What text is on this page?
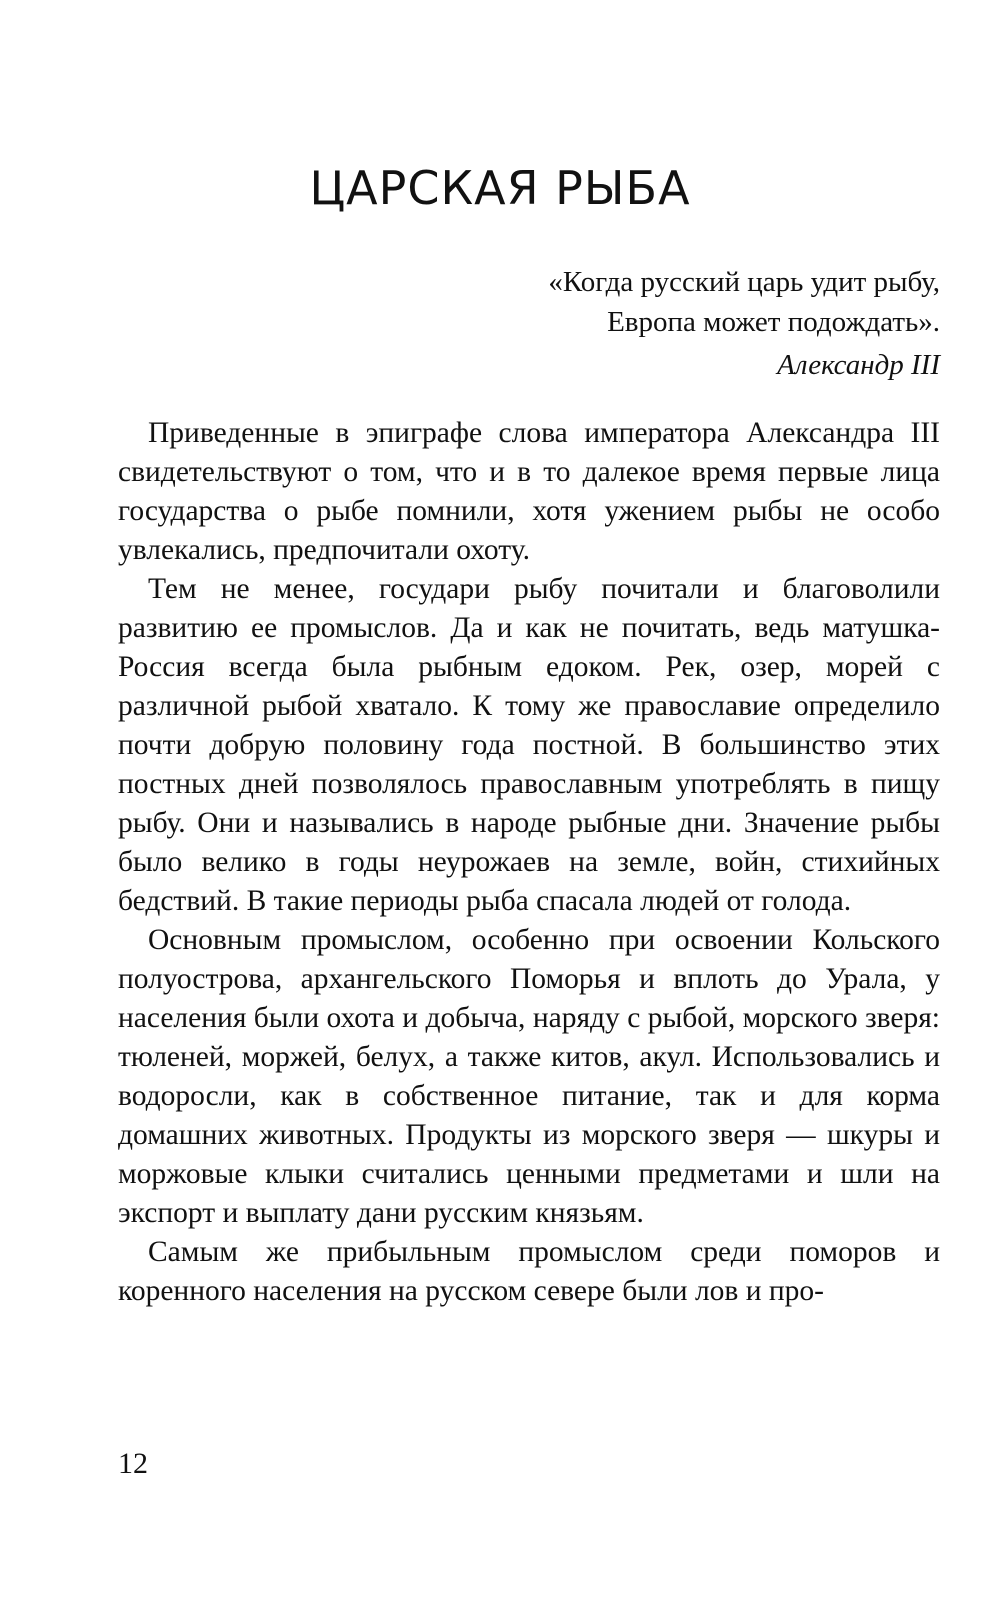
ЦАРСКАЯ РЫБА
«Когда русский царь удит рыбу,
Европа может подождать».
Александр III

Приведенные в эпиграфе слова императора Александра III свидетельствуют о том, что и в то далекое время первые лица государства о рыбе помнили, хотя ужением рыбы не особо увлекались, предпочитали охоту.

Тем не менее, государи рыбу почитали и благоволили развитию ее промыслов. Да и как не почитать, ведь матушка-Россия всегда была рыбным едоком. Рек, озер, морей с различной рыбой хватало. К тому же православие определило почти добрую половину года постной. В большинство этих постных дней позволялось православным употреблять в пищу рыбу. Они и назывались в народе рыбные дни. Значение рыбы было велико в годы неурожаев на земле, войн, стихийных бедствий. В такие периоды рыба спасала людей от голода.

Основным промыслом, особенно при освоении Кольского полуострова, архангельского Поморья и вплоть до Урала, у населения были охота и добыча, наряду с рыбой, морского зверя: тюленей, моржей, белух, а также китов, акул. Использовались и водоросли, как в собственное питание, так и для корма домашних животных. Продукты из морского зверя — шкуры и моржовые клыки считались ценными предметами и шли на экспорт и выплату дани русским князьям.

Самым же прибыльным промыслом среди поморов и коренного населения на русском севере были лов и про-

12
